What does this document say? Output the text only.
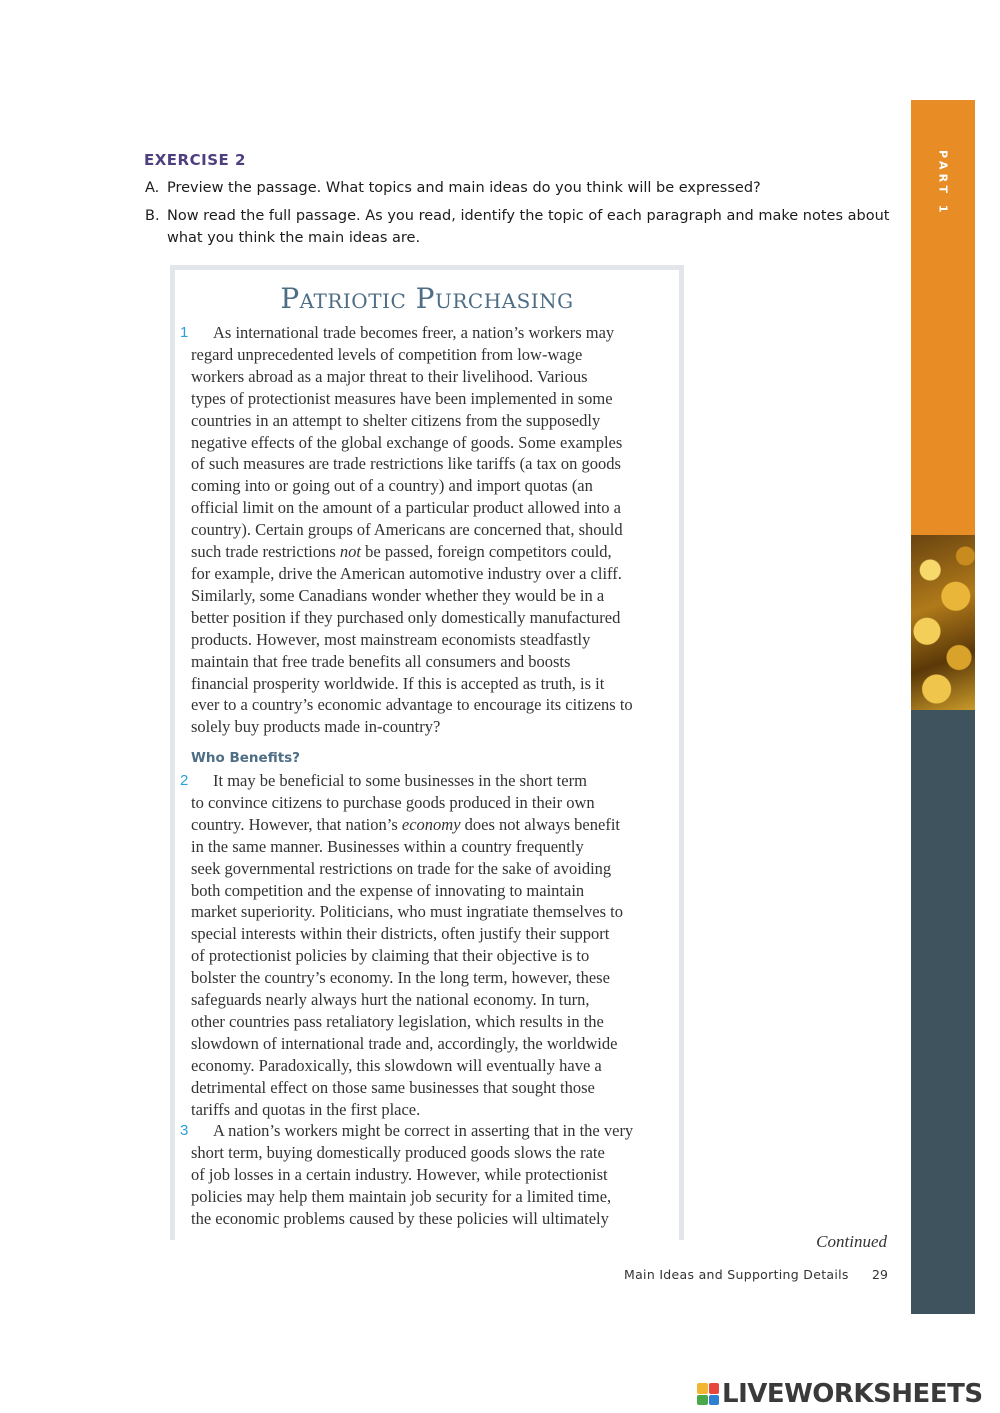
PART 1
EXERCISE 2
A. Preview the passage. What topics and main ideas do you think will be expressed?
B. Now read the full passage. As you read, identify the topic of each paragraph and make notes about
what you think the main ideas are.
Patriotic Purchasing

1 As international trade becomes freer, a nation’s workers may
regard unprecedented levels of competition from low-wage
workers abroad as a major threat to their livelihood. Various
types of protectionist measures have been implemented in some
countries in an attempt to shelter citizens from the supposedly
negative effects of the global exchange of goods. Some examples
of such measures are trade restrictions like tariffs (a tax on goods
coming into or going out of a country) and import quotas (an
official limit on the amount of a particular product allowed into a
country). Certain groups of Americans are concerned that, should
such trade restrictions not be passed, foreign competitors could,
for example, drive the American automotive industry over a cliff.
Similarly, some Canadians wonder whether they would be in a
better position if they purchased only domestically manufactured
products. However, most mainstream economists steadfastly
maintain that free trade benefits all consumers and boosts
financial prosperity worldwide. If this is accepted as truth, is it
ever to a country’s economic advantage to encourage its citizens to
solely buy products made in-country?

Who Benefits?

2 It may be beneficial to some businesses in the short term
to convince citizens to purchase goods produced in their own
country. However, that nation’s economy does not always benefit
in the same manner. Businesses within a country frequently
seek governmental restrictions on trade for the sake of avoiding
both competition and the expense of innovating to maintain
market superiority. Politicians, who must ingratiate themselves to
special interests within their districts, often justify their support
of protectionist policies by claiming that their objective is to
bolster the country’s economy. In the long term, however, these
safeguards nearly always hurt the national economy. In turn,
other countries pass retaliatory legislation, which results in the
slowdown of international trade and, accordingly, the worldwide
economy. Paradoxically, this slowdown will eventually have a
detrimental effect on those same businesses that sought those
tariffs and quotas in the first place.

3 A nation’s workers might be correct in asserting that in the very
short term, buying domestically produced goods slows the rate
of job losses in a certain industry. However, while protectionist
policies may help them maintain job security for a limited time,
the economic problems caused by these policies will ultimately

Continued
Main Ideas and Supporting Details 29
LIVEWORKSHEETS
